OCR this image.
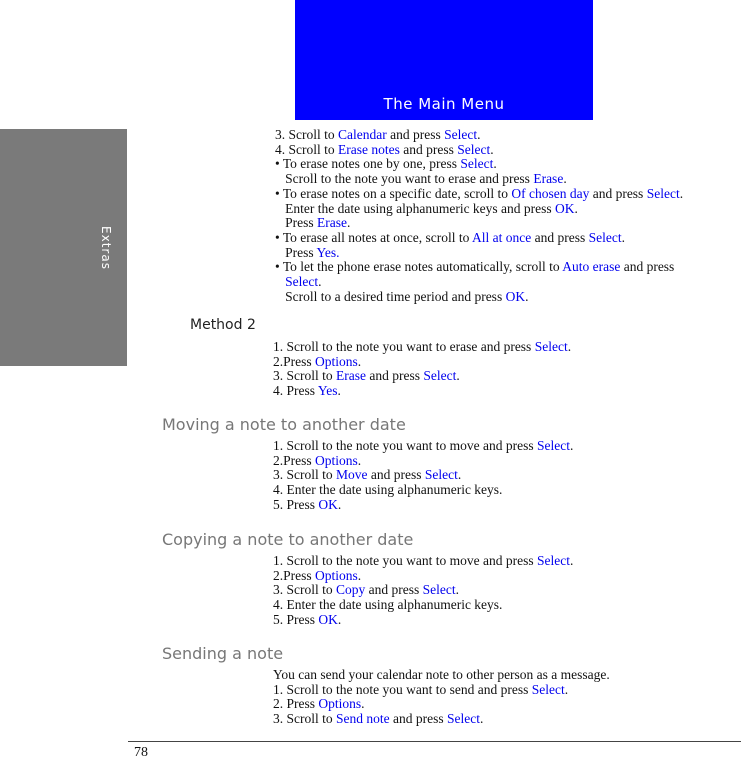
Extras
The Main Menu
3. Scroll to Calendar and press Select.
4. Scroll to Erase notes and press Select.
• To erase notes one by one, press Select.
Scroll to the note you want to erase and press Erase.
• To erase notes on a specific date, scroll to Of chosen day and press Select.
Enter the date using alphanumeric keys and press OK.
Press Erase.
• To erase all notes at once, scroll to All at once and press Select.
Press Yes.
• To let the phone erase notes automatically, scroll to Auto erase and press
Select.
Scroll to a desired time period and press OK.
Method 2
1. Scroll to the note you want to erase and press Select.
2.Press Options.
3. Scroll to Erase and press Select.
4. Press Yes.
Moving a note to another date
1. Scroll to the note you want to move and press Select.
2.Press Options.
3. Scroll to Move and press Select.
4. Enter the date using alphanumeric keys.
5. Press OK.
Copying a note to another date
1. Scroll to the note you want to move and press Select.
2.Press Options.
3. Scroll to Copy and press Select.
4. Enter the date using alphanumeric keys.
5. Press OK.
Sending a note
You can send your calendar note to other person as a message.
1. Scroll to the note you want to send and press Select.
2. Press Options.
3. Scroll to Send note and press Select.
78
